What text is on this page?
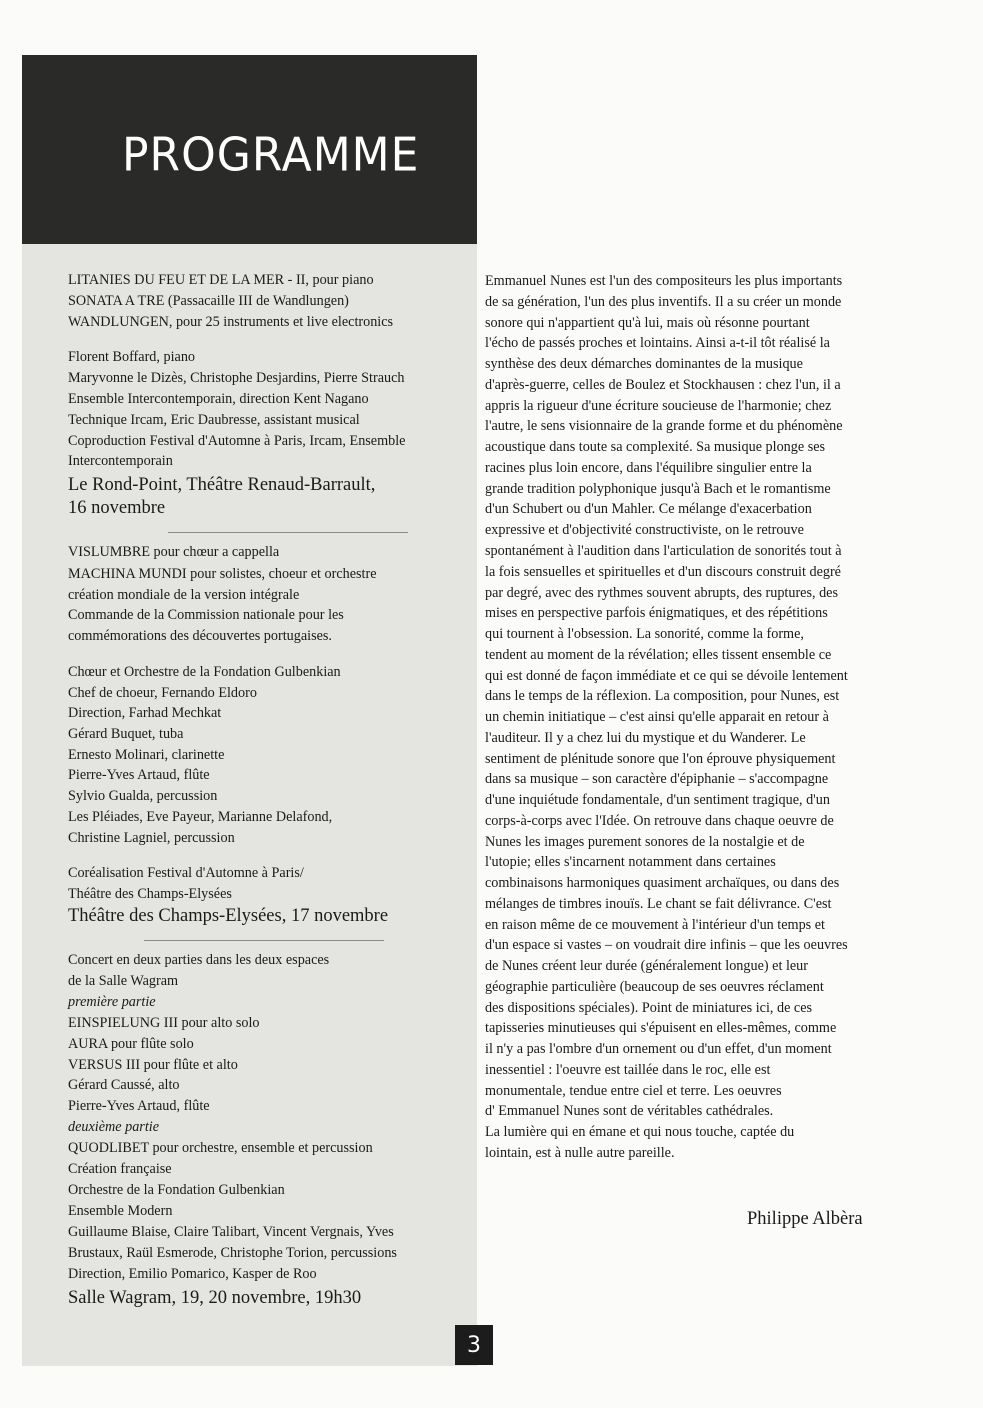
PROGRAMME
LITANIES DU FEU ET DE LA MER - II, pour piano
SONATA A TRE (Passacaille III de Wandlungen)
WANDLUNGEN, pour 25 instruments et live electronics
Florent Boffard, piano
Maryvonne le Dizès, Christophe Desjardins, Pierre Strauch
Ensemble Intercontemporain, direction Kent Nagano
Technique Ircam, Eric Daubresse, assistant musical
Coproduction Festival d'Automne à Paris, Ircam, Ensemble
Intercontemporain
Le Rond-Point, Théâtre Renaud-Barrault,
16 novembre
VISLUMBRE pour chœur a cappella
MACHINA MUNDI pour solistes, choeur et orchestre
création mondiale de la version intégrale
Commande de la Commission nationale pour les
commémorations des découvertes portugaises.
Chœur et Orchestre de la Fondation Gulbenkian
Chef de choeur, Fernando Eldoro
Direction, Farhad Mechkat
Gérard Buquet, tuba
Ernesto Molinari, clarinette
Pierre-Yves Artaud, flûte
Sylvio Gualda, percussion
Les Pléiades, Eve Payeur, Marianne Delafond,
Christine Lagniel, percussion
Coréalisation Festival d'Automne à Paris/
Théâtre des Champs-Elysées
Théâtre des Champs-Elysées, 17 novembre
Concert en deux parties dans les deux espaces
de la Salle Wagram
première partie
EINSPIELUNG III pour alto solo
AURA pour flûte solo
VERSUS III pour flûte et alto
Gérard Caussé, alto
Pierre-Yves Artaud, flûte
deuxième partie
QUODLIBET pour orchestre, ensemble et percussion
Création française
Orchestre de la Fondation Gulbenkian
Ensemble Modern
Guillaume Blaise, Claire Talibart, Vincent Vergnais, Yves
Brustaux, Raül Esmerode, Christophe Torion, percussions
Direction, Emilio Pomarico, Kasper de Roo
Salle Wagram, 19, 20 novembre, 19h30
Emmanuel Nunes est l'un des compositeurs les plus importants
de sa génération, l'un des plus inventifs. Il a su créer un monde
sonore qui n'appartient qu'à lui, mais où résonne pourtant
l'écho de passés proches et lointains. Ainsi a-t-il tôt réalisé la
synthèse des deux démarches dominantes de la musique
d'après-guerre, celles de Boulez et Stockhausen : chez l'un, il a
appris la rigueur d'une écriture soucieuse de l'harmonie; chez
l'autre, le sens visionnaire de la grande forme et du phénomène
acoustique dans toute sa complexité. Sa musique plonge ses
racines plus loin encore, dans l'équilibre singulier entre la
grande tradition polyphonique jusqu'à Bach et le romantisme
d'un Schubert ou d'un Mahler. Ce mélange d'exacerbation
expressive et d'objectivité constructiviste, on le retrouve
spontanément à l'audition dans l'articulation de sonorités tout à
la fois sensuelles et spirituelles et d'un discours construit degré
par degré, avec des rythmes souvent abrupts, des ruptures, des
mises en perspective parfois énigmatiques, et des répétitions
qui tournent à l'obsession. La sonorité, comme la forme,
tendent au moment de la révélation; elles tissent ensemble ce
qui est donné de façon immédiate et ce qui se dévoile lentement
dans le temps de la réflexion. La composition, pour Nunes, est
un chemin initiatique – c'est ainsi qu'elle apparait en retour à
l'auditeur. Il y a chez lui du mystique et du Wanderer. Le
sentiment de plénitude sonore que l'on éprouve physiquement
dans sa musique – son caractère d'épiphanie – s'accompagne
d'une inquiétude fondamentale, d'un sentiment tragique, d'un
corps-à-corps avec l'Idée. On retrouve dans chaque oeuvre de
Nunes les images purement sonores de la nostalgie et de
l'utopie; elles s'incarnent notamment dans certaines
combinaisons harmoniques quasiment archaïques, ou dans des
mélanges de timbres inouïs. Le chant se fait délivrance. C'est
en raison même de ce mouvement à l'intérieur d'un temps et
d'un espace si vastes – on voudrait dire infinis – que les oeuvres
de Nunes créent leur durée (généralement longue) et leur
géographie particulière (beaucoup de ses oeuvres réclament
des dispositions spéciales). Point de miniatures ici, de ces
tapisseries minutieuses qui s'épuisent en elles-mêmes, comme
il n'y a pas l'ombre d'un ornement ou d'un effet, d'un moment
inessentiel : l'oeuvre est taillée dans le roc, elle est
monumentale, tendue entre ciel et terre. Les oeuvres
d' Emmanuel Nunes sont de véritables cathédrales.
La lumière qui en émane et qui nous touche, captée du
lointain, est à nulle autre pareille.
Philippe Albèra
3
